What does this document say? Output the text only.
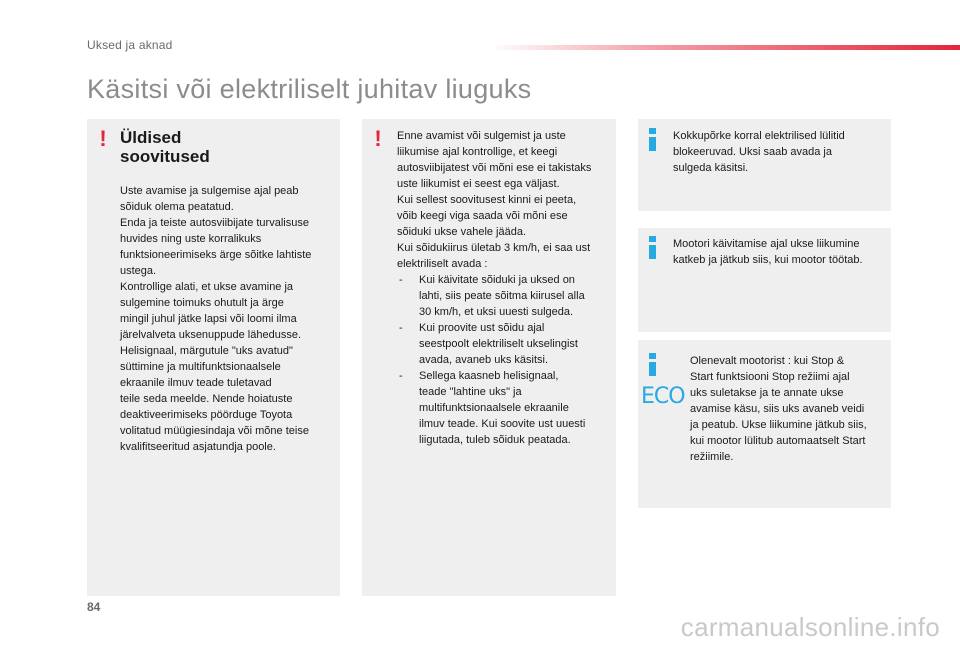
Uksed ja aknad
Käsitsi või elektriliselt juhitav liuguks
! Üldised
soovitused

Uste avamise ja sulgemise ajal peab

sõiduk olema peatatud.

Enda ja teiste autosviibijate turvalisuse

huvides ning uste korralikuks

funktsioneerimiseks ärge sõitke lahtiste

ustega.

Kontrollige alati, et ukse avamine ja

sulgemine toimuks ohutult ja ärge

mingil juhul jätke lapsi või loomi ilma

järelvalveta uksenuppude lähedusse.

Helisignaal, märgutule "uks avatud"

süttimine ja multifunktsionaalsele

ekraanile ilmuv teade tuletavad

teile seda meelde. Nende hoiatuste

deaktiveerimiseks pöörduge Toyota

volitatud müügiesindaja või mõne teise

kvalifitseeritud asjatundja poole.

! Enne avamist või sulgemist ja uste

liikumise ajal kontrollige, et keegi

autosviibijatest või mõni ese ei takistaks

uste liikumist ei seest ega väljast.

Kui sellest soovitusest kinni ei peeta,

võib keegi viga saada või mõni ese

sõiduki ukse vahele jääda.

Kui sõidukiirus ületab 3 km/h, ei saa ust

elektriliselt avada :

- Kui käivitate sõiduki ja uksed on
lahti, siis peate sõitma kiirusel alla
30 km/h, et uksi uuesti sulgeda.
- Kui proovite ust sõidu ajal
seestpoolt elektriliselt ukselingist
avada, avaneb uks käsitsi.
- Sellega kaasneb helisignaal,
teade "lahtine uks" ja
multifunktsionaalsele ekraanile
ilmuv teade. Kui soovite ust uuesti
liigutada, tuleb sõiduk peatada.

Kokkupõrke korral elektrilised lülitid

blokeeruvad. Uksi saab avada ja

sulgeda käsitsi.

Mootori käivitamise ajal ukse liikumine

katkeb ja jätkub siis, kui mootor töötab.

ECO

Olenevalt mootorist : kui Stop &

Start funktsiooni Stop režiimi ajal

uks suletakse ja te annate ukse

avamise käsu, siis uks avaneb veidi

ja peatub. Ukse liikumine jätkub siis,

kui mootor lülitub automaatselt Start

režiimile.

84
carmanualsonline.info
